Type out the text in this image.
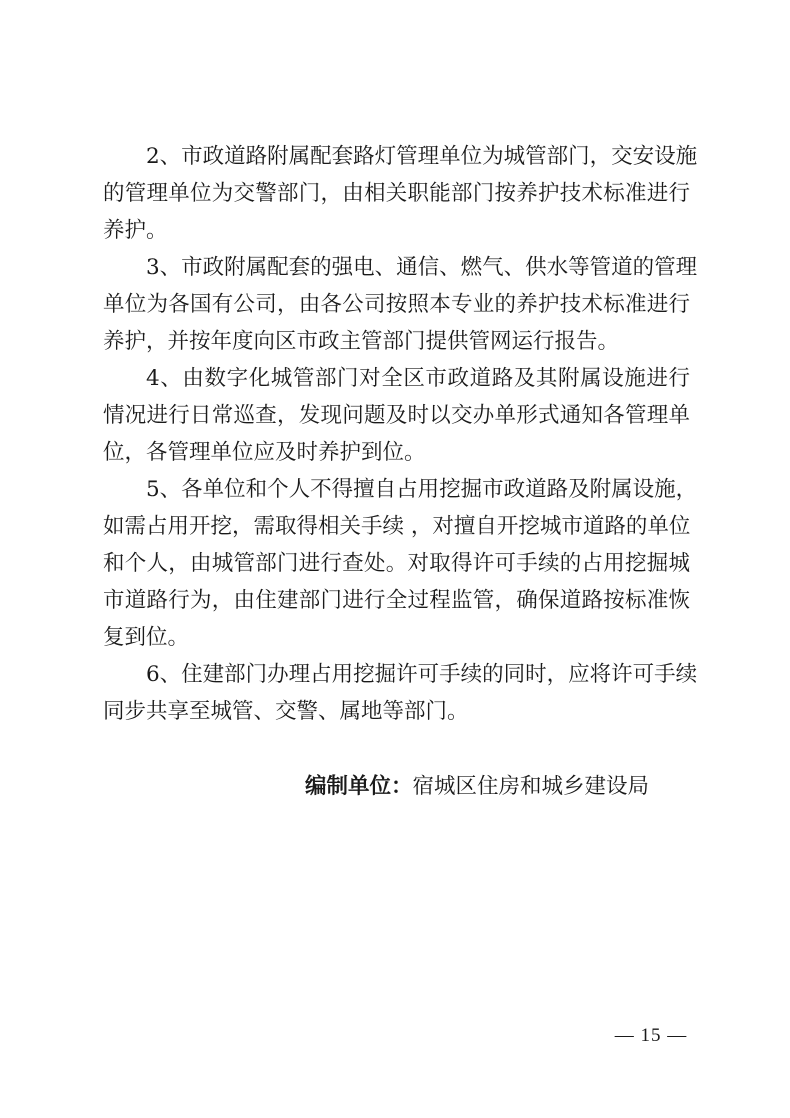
2、市政道路附属配套路灯管理单位为城管部门，交安设施
的管理单位为交警部门，由相关职能部门按养护技术标准进行
养护。
3、市政附属配套的强电、通信、燃气、供水等管道的管理
单位为各国有公司，由各公司按照本专业的养护技术标准进行
养护，并按年度向区市政主管部门提供管网运行报告。
4、由数字化城管部门对全区市政道路及其附属设施进行
情况进行日常巡查，发现问题及时以交办单形式通知各管理单
位，各管理单位应及时养护到位。
5、各单位和个人不得擅自占用挖掘市政道路及附属设施，
如需占用开挖，需取得相关手续 ，对擅自开挖城市道路的单位
和个人，由城管部门进行查处。对取得许可手续的占用挖掘城
市道路行为，由住建部门进行全过程监管，确保道路按标准恢
复到位。
6、住建部门办理占用挖掘许可手续的同时，应将许可手续
同步共享至城管、交警、属地等部门。
编制单位：宿城区住房和城乡建设局
— 15 —
